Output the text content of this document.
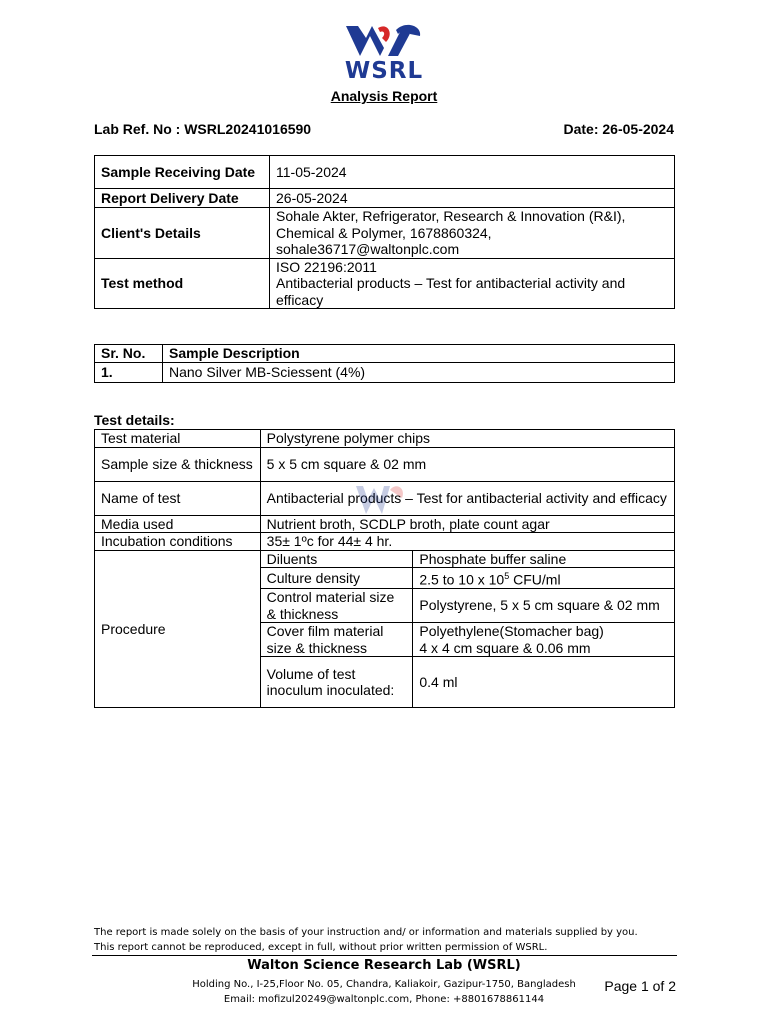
WSRL
Analysis Report
Lab Ref. No : WSRL20241016590	Date: 26-05-2024
Sample Receiving Date	11-05-2024
Report Delivery Date	26-05-2024
Client's Details	Sohale Akter, Refrigerator, Research & Innovation (R&I), Chemical & Polymer, 1678860324, sohale36717@waltonplc.com
Test method	ISO 22196:2011
Antibacterial products – Test for antibacterial activity and efficacy
Sr. No.	Sample Description
1.	Nano Silver MB-Sciessent (4%)
Test details:
Test material	Polystyrene polymer chips	
Sample size & thickness	5 x 5 cm square & 02 mm	
Name of test	Antibacterial products – Test for antibacterial activity and efficacy	
Media used	Nutrient broth, SCDLP broth, plate count agar	
Incubation conditions	35± 1ºc for 44± 4 hr.	
Procedure	Diluents	Phosphate buffer saline
	Culture density	2.5 to 10 x $10^5$ CFU/ml
	Control material size & thickness	Polystyrene, 5 x 5 cm square & 02 mm
	Cover film material size & thickness	Polyethylene(Stomacher bag)
4 x 4 cm square & 0.06 mm

	Volume of test inoculum inoculated:	0.4 ml
The report is made solely on the basis of your instruction and/ or information and materials supplied by you.
This report cannot be reproduced, except in full, without prior written permission of WSRL.
Walton Science Research Lab (WSRL)
Holding No., I-25,Floor No. 05, Chandra, Kaliakoir, Gazipur-1750, Bangladesh
Email: mofizul20249@waltonplc.com, Phone: +8801678861144
Page 1 of 2
